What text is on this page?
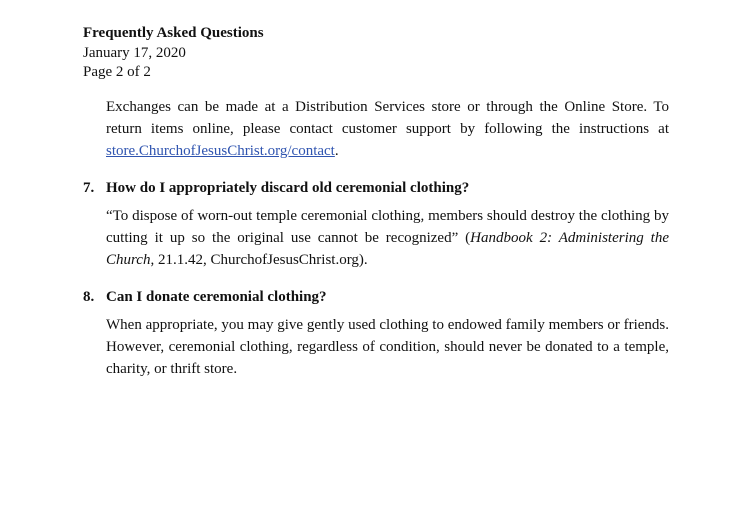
Frequently Asked Questions
January 17, 2020
Page 2 of 2

Exchanges can be made at a Distribution Services store or through the Online Store. To return items online, please contact customer support by following the instructions at store.ChurchofJesusChrist.org/contact.

7. How do I appropriately discard old ceremonial clothing?

“To dispose of worn-out temple ceremonial clothing, members should destroy the clothing by cutting it up so the original use cannot be recognized” (Handbook 2: Administering the Church, 21.1.42, ChurchofJesusChrist.org).

8. Can I donate ceremonial clothing?

When appropriate, you may give gently used clothing to endowed family members or friends. However, ceremonial clothing, regardless of condition, should never be donated to a temple, charity, or thrift store.
